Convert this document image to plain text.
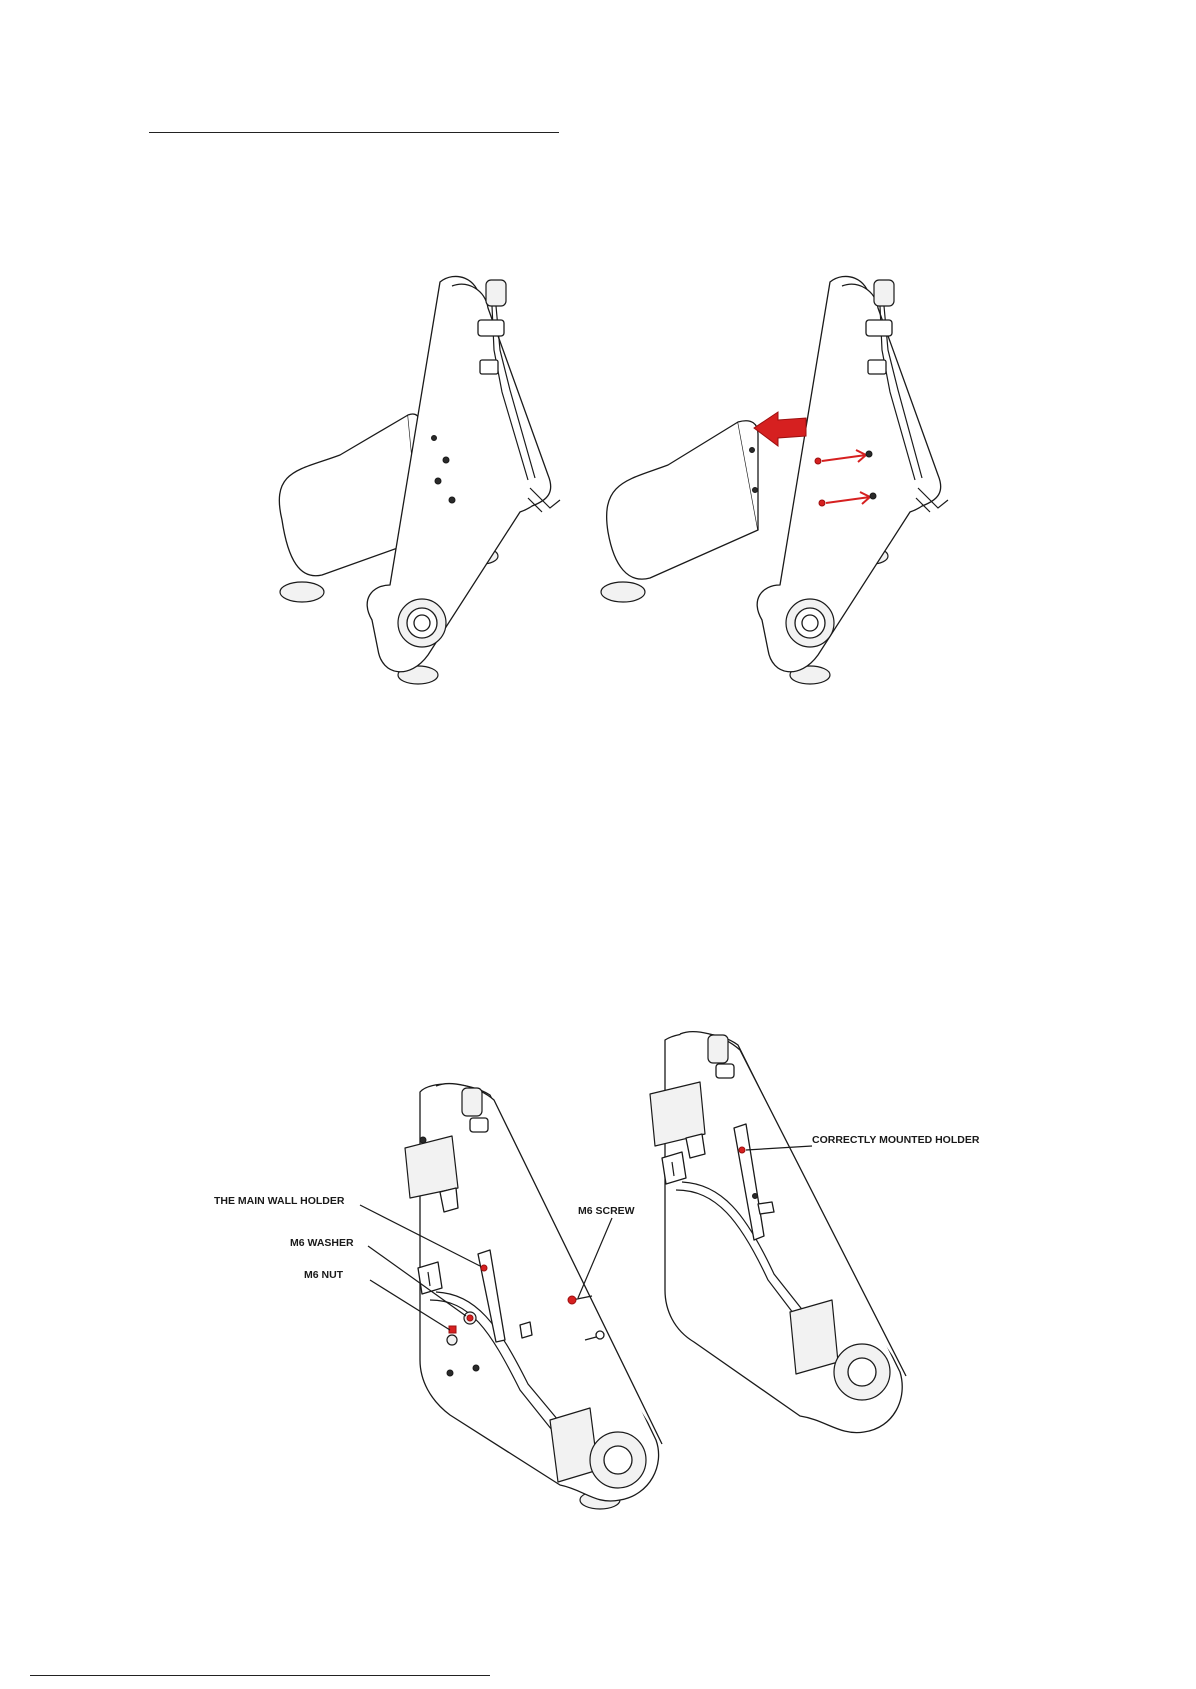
THE MAIN WALL HOLDER
M6 WASHER
M6 NUT
M6 SCREW
CORRECTLY MOUNTED HOLDER
